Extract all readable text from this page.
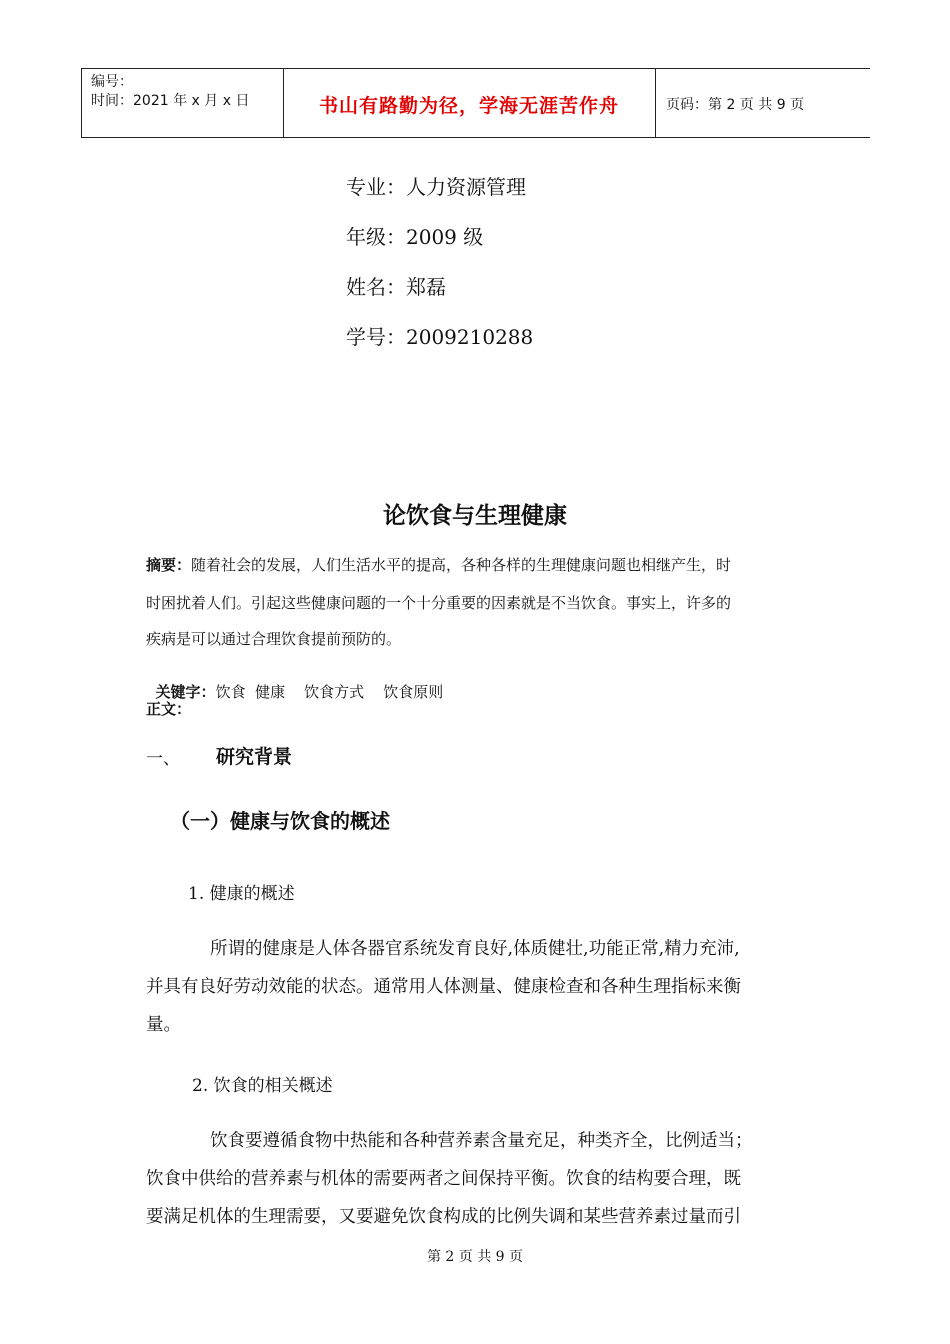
编号：
时间：2021 年 x 月 x 日	书山有路勤为径，学海无涯苦作舟	页码：第 2 页 共 9 页
专业：人力资源管理
年级：2009 级
姓名：郑磊
学号：2009210288
论饮食与生理健康
摘要：随着社会的发展，人们生活水平的提高，各种各样的生理健康问题也相继产生，时
时困扰着人们。引起这些健康问题的一个十分重要的因素就是不当饮食。事实上，许多的
疾病是可以通过合理饮食提前预防的。

关键字：饮食  健康    饮食方式    饮食原则

正文：
一、 研究背景
（一）健康与饮食的概述
1. 健康的概述
所谓的健康是人体各器官系统发育良好,体质健壮,功能正常,精力充沛,
并具有良好劳动效能的状态。通常用人体测量、健康检查和各种生理指标来衡
量。
2. 饮食的相关概述
饮食要遵循食物中热能和各种营养素含量充足，种类齐全，比例适当；
饮食中供给的营养素与机体的需要两者之间保持平衡。饮食的结构要合理，既
要满足机体的生理需要，又要避免饮食构成的比例失调和某些营养素过量而引
第 2 页 共 9 页
